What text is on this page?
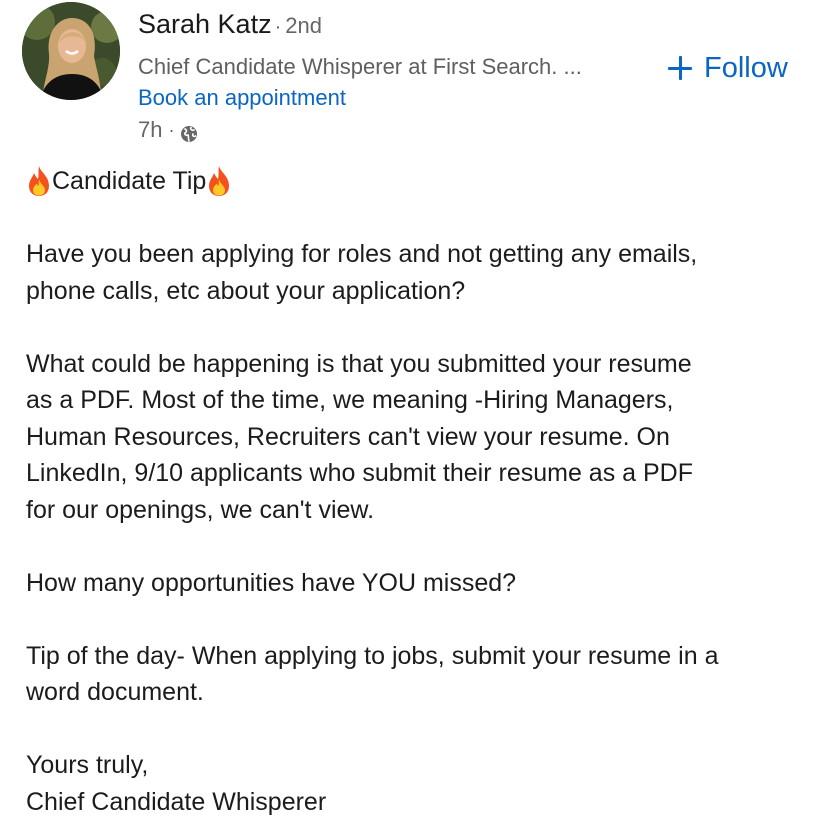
Sarah Katz · 2nd
Chief Candidate Whisperer at First Search. ...
Book an appointment
7h ·
Follow

Candidate Tip

Have you been applying for roles and not getting any emails,
phone calls, etc about your application?

What could be happening is that you submitted your resume
as a PDF. Most of the time, we meaning -Hiring Managers,
Human Resources, Recruiters can't view your resume. On
LinkedIn, 9/10 applicants who submit their resume as a PDF
for our openings, we can't view.

How many opportunities have YOU missed?

Tip of the day- When applying to jobs, submit your resume in a
word document.

Yours truly,
Chief Candidate Whisperer
